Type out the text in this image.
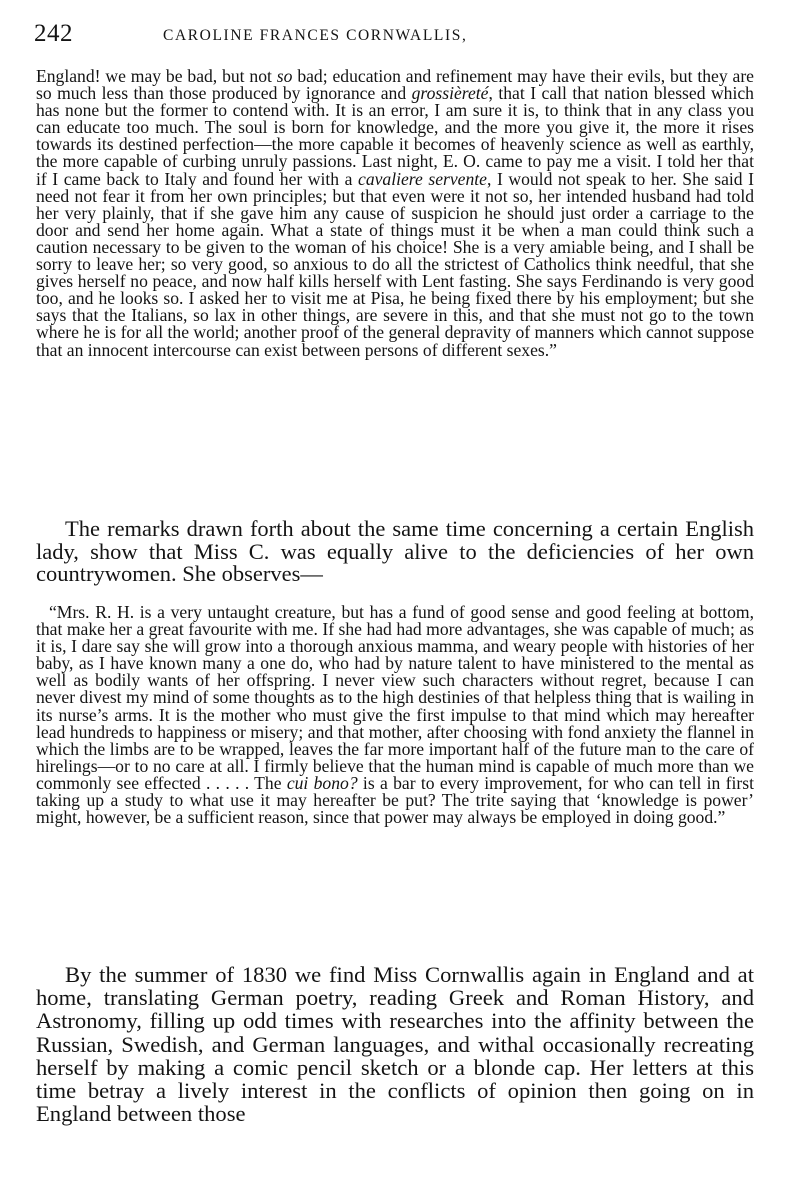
242	CAROLINE FRANCES CORNWALLIS,

England! we may be bad, but not so bad; education and refinement may have their evils, but they are so much less than those produced by ignorance and grossièreté, that I call that nation blessed which has none but the former to contend with. It is an error, I am sure it is, to think that in any class you can educate too much. The soul is born for knowledge, and the more you give it, the more it rises towards its destined perfection—the more capable it becomes of heavenly science as well as earthly, the more capable of curbing unruly passions. Last night, E. O. came to pay me a visit. I told her that if I came back to Italy and found her with a cavaliere servente, I would not speak to her. She said I need not fear it from her own principles; but that even were it not so, her intended husband had told her very plainly, that if she gave him any cause of suspicion he should just order a carriage to the door and send her home again. What a state of things must it be when a man could think such a caution necessary to be given to the woman of his choice! She is a very amiable being, and I shall be sorry to leave her; so very good, so anxious to do all the strictest of Catholics think needful, that she gives herself no peace, and now half kills herself with Lent fasting. She says Ferdinando is very good too, and he looks so. I asked her to visit me at Pisa, he being fixed there by his employment; but she says that the Italians, so lax in other things, are severe in this, and that she must not go to the town where he is for all the world; another proof of the general depravity of manners which cannot suppose that an innocent intercourse can exist between persons of different sexes.”

The remarks drawn forth about the same time concerning a certain English lady, show that Miss C. was equally alive to the deficiencies of her own countrywomen. She observes—

“Mrs. R. H. is a very untaught creature, but has a fund of good sense and good feeling at bottom, that make her a great favourite with me. If she had had more advantages, she was capable of much; as it is, I dare say she will grow into a thorough anxious mamma, and weary people with histories of her baby, as I have known many a one do, who had by nature talent to have ministered to the mental as well as bodily wants of her offspring. I never view such characters without regret, because I can never divest my mind of some thoughts as to the high destinies of that helpless thing that is wailing in its nurse’s arms. It is the mother who must give the first impulse to that mind which may hereafter lead hundreds to happiness or misery; and that mother, after choosing with fond anxiety the flannel in which the limbs are to be wrapped, leaves the far more important half of the future man to the care of hirelings—or to no care at all. I firmly believe that the human mind is capable of much more than we commonly see effected . . . . . The cui bono? is a bar to every improvement, for who can tell in first taking up a study to what use it may hereafter be put? The trite saying that ‘knowledge is power’ might, however, be a sufficient reason, since that power may always be employed in doing good.”

By the summer of 1830 we find Miss Cornwallis again in England and at home, translating German poetry, reading Greek and Roman History, and Astronomy, filling up odd times with researches into the affinity between the Russian, Swedish, and German languages, and withal occasionally recreating herself by making a comic pencil sketch or a blonde cap. Her letters at this time betray a lively interest in the conflicts of opinion then going on in England between those
